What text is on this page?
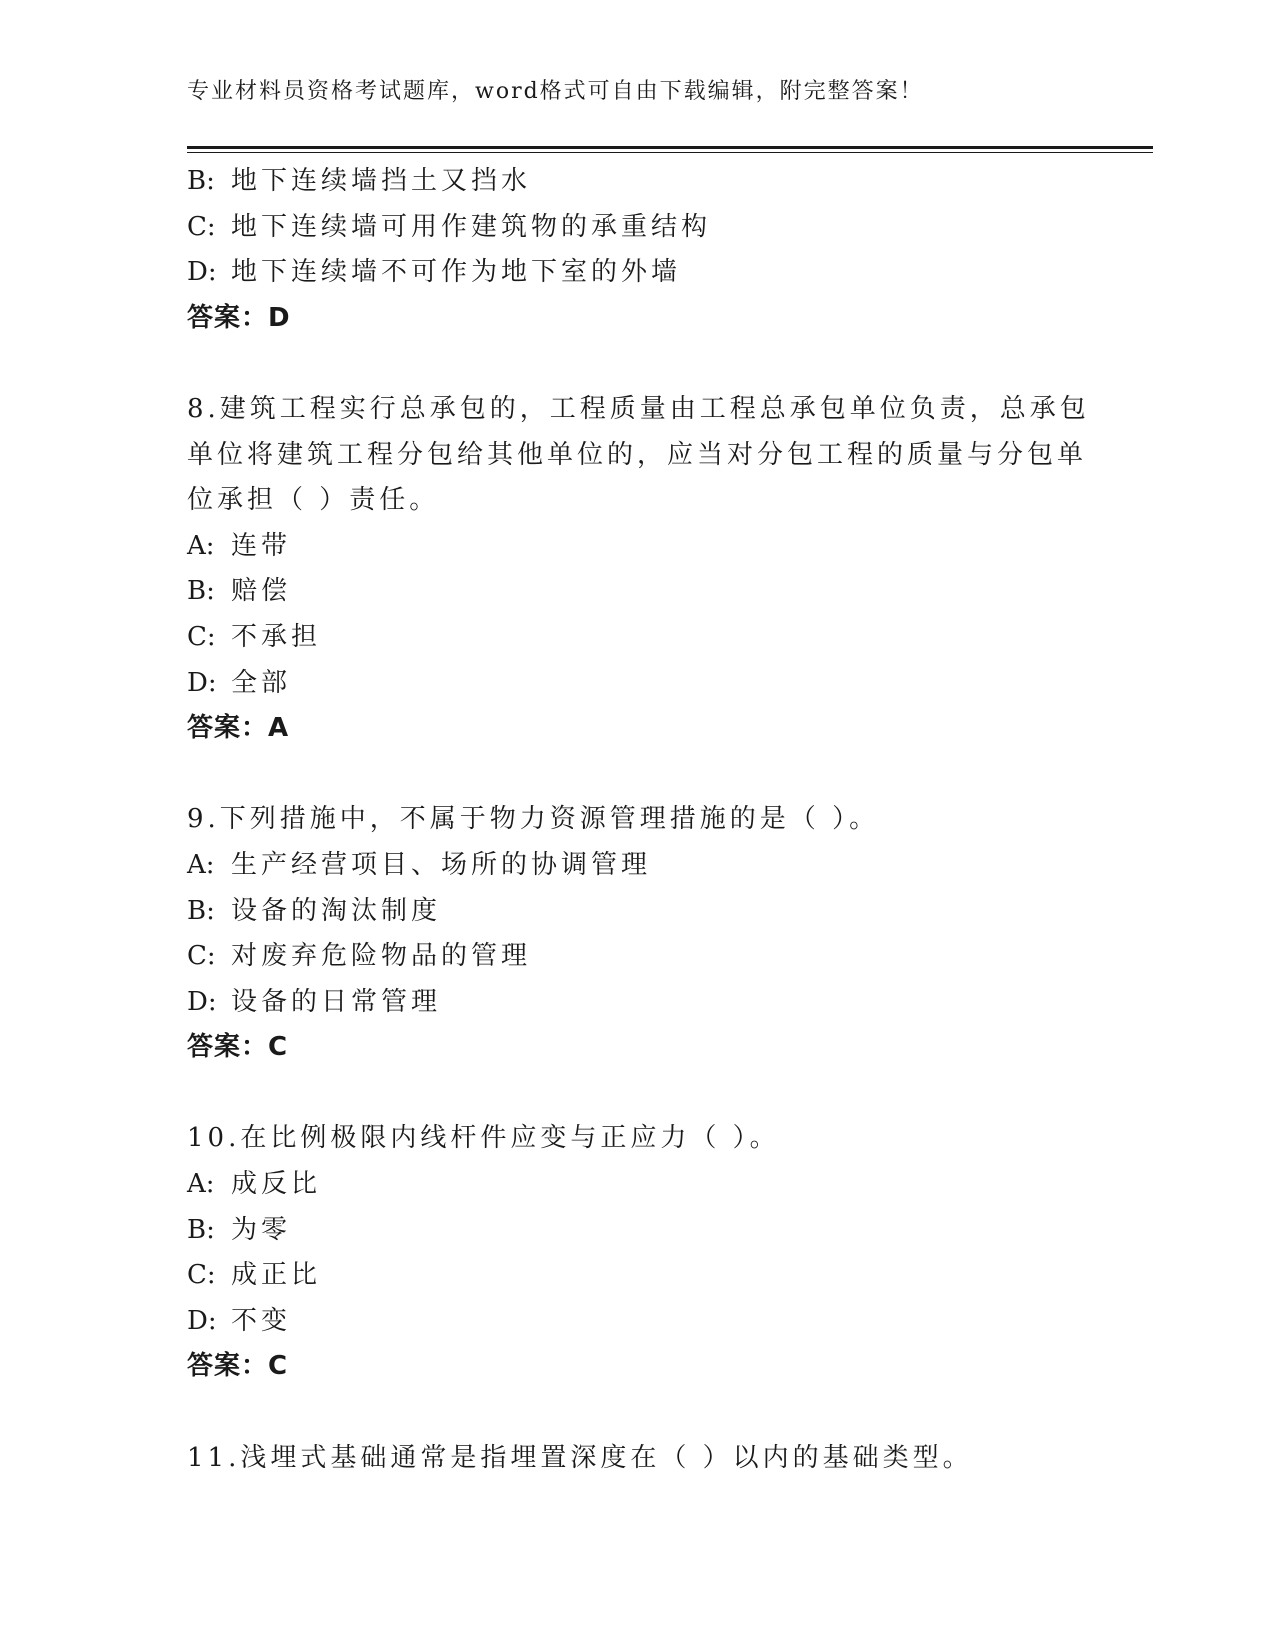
专业材料员资格考试题库，word格式可自由下载编辑，附完整答案！
B: 地下连续墙挡土又挡水
C: 地下连续墙可用作建筑物的承重结构
D: 地下连续墙不可作为地下室的外墙
答案：D
8.建筑工程实行总承包的，工程质量由工程总承包单位负责，总承包
单位将建筑工程分包给其他单位的，应当对分包工程的质量与分包单
位承担（ ）责任。
A: 连带
B: 赔偿
C: 不承担
D: 全部
答案：A
9.下列措施中，不属于物力资源管理措施的是（ ）。
A: 生产经营项目、场所的协调管理
B: 设备的淘汰制度
C: 对废弃危险物品的管理
D: 设备的日常管理
答案：C
10.在比例极限内线杆件应变与正应力（ ）。
A: 成反比
B: 为零
C: 成正比
D: 不变
答案：C
11.浅埋式基础通常是指埋置深度在（ ）以内的基础类型。
